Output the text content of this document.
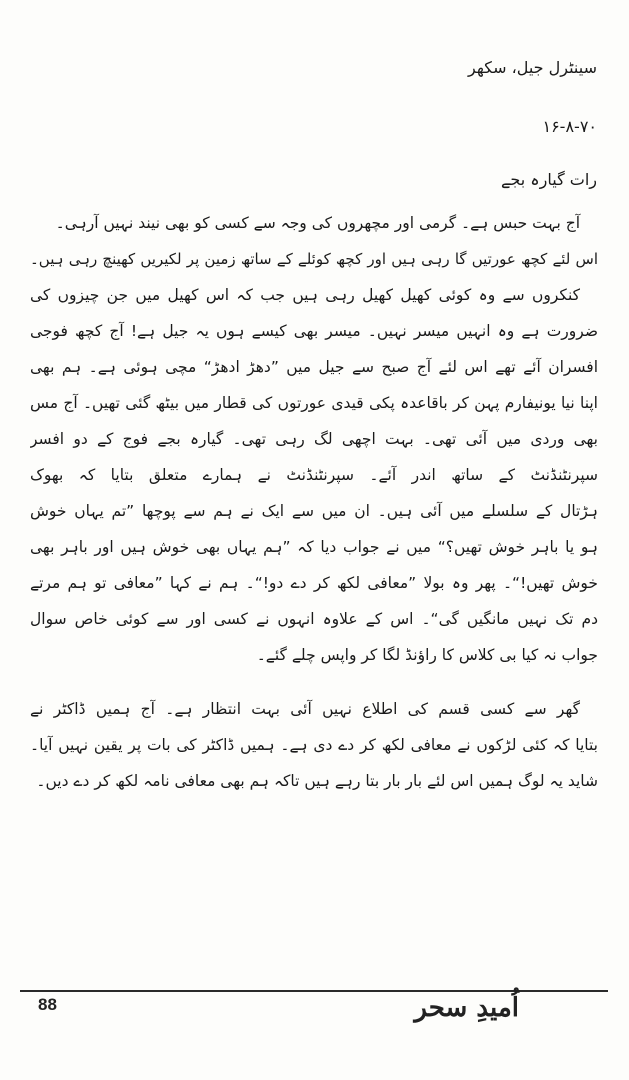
سینٹرل جیل، سکھر
۱۶-۸-۷۰
رات گیارہ بجے
آج بہت حبس ہے۔ گرمی اور مچھروں کی وجہ سے کسی کو بھی نیند نہیں آرہی۔
اس لئے کچھ عورتیں گا رہی ہیں اور کچھ کوئلے کے ساتھ زمین پر لکیریں کھینچ رہی ہیں۔
کنکروں سے وہ کوئی کھیل کھیل رہی ہیں جب کہ اس کھیل میں جن چیزوں کی
ضرورت ہے وہ انہیں میسر نہیں۔ میسر بھی کیسے ہوں یہ جیل ہے! آج کچھ فوجی
افسران آئے تھے اس لئے آج صبح سے جیل میں ”دھڑ ادھڑ“ مچی ہوئی ہے۔ ہم بھی
اپنا نیا یونیفارم پہن کر باقاعدہ پکی قیدی عورتوں کی قطار میں بیٹھ گئی تھیں۔ آج مس
بھی وردی میں آئی تھی۔ بہت اچھی لگ رہی تھی۔ گیارہ بجے فوج کے دو افسر
سپرنٹنڈنٹ کے ساتھ اندر آئے۔ سپرنٹنڈنٹ نے ہمارے متعلق بتایا کہ بھوک
ہڑتال کے سلسلے میں آئی ہیں۔ ان میں سے ایک نے ہم سے پوچھا ”تم یہاں خوش
ہو یا باہر خوش تھیں؟“ میں نے جواب دیا کہ ”ہم یہاں بھی خوش ہیں اور باہر بھی
خوش تھیں!“۔ پھر وہ بولا ”معافی لکھ کر دے دو!“۔ ہم نے کہا ”معافی تو ہم مرتے
دم تک نہیں مانگیں گی“۔ اس کے علاوہ انہوں نے کسی اور سے کوئی خاص سوال
جواب نہ کیا بی کلاس کا راؤنڈ لگا کر واپس چلے گئے۔
گھر سے کسی قسم کی اطلاع نہیں آئی بہت انتظار ہے۔ آج ہمیں ڈاکٹر نے
بتایا کہ کئی لڑکوں نے معافی لکھ کر دے دی ہے۔ ہمیں ڈاکٹر کی بات پر یقین نہیں آیا۔
شاید یہ لوگ ہمیں اس لئے بار بار بتا رہے ہیں تاکہ ہم بھی معافی نامہ لکھ کر دے دیں۔
88	اُمیدِ سحر
